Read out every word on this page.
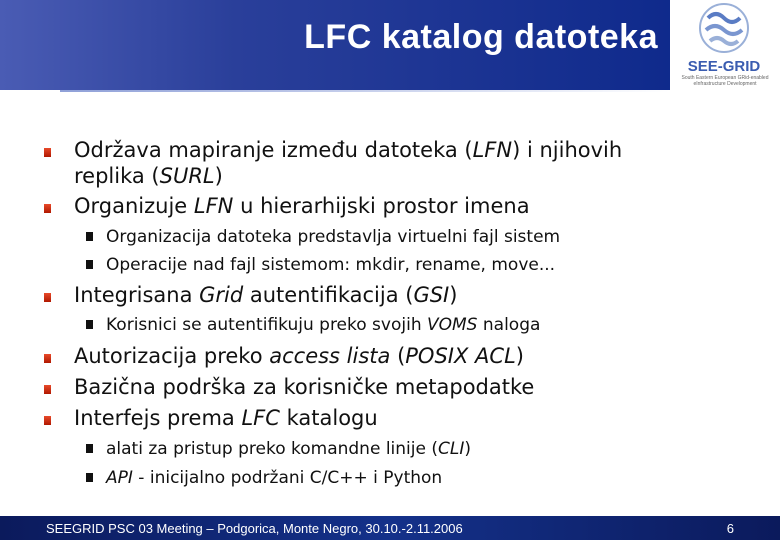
LFC katalog datoteka
SEE-GRID
South Eastern European GRid-enabled eInfrastructure Development
Održava mapiranje između datoteka (LFN) i njihovih
replika (SURL)
Organizuje LFN u hierarhijski prostor imena
Organizacija datoteka predstavlja virtuelni fajl sistem
Operacije nad fajl sistemom: mkdir, rename, move...
Integrisana Grid autentifikacija (GSI)
Korisnici se autentifikuju preko svojih VOMS naloga
Autorizacija preko access lista (POSIX ACL)
Bazična podrška za korisničke metapodatke
Interfejs prema LFC katalogu
alati za pristup preko komandne linije (CLI)
API - inicijalno podržani C/C++ i Python
SEEGRID PSC 03 Meeting – Podgorica, Monte Negro, 30.10.-2.11.2006	6
